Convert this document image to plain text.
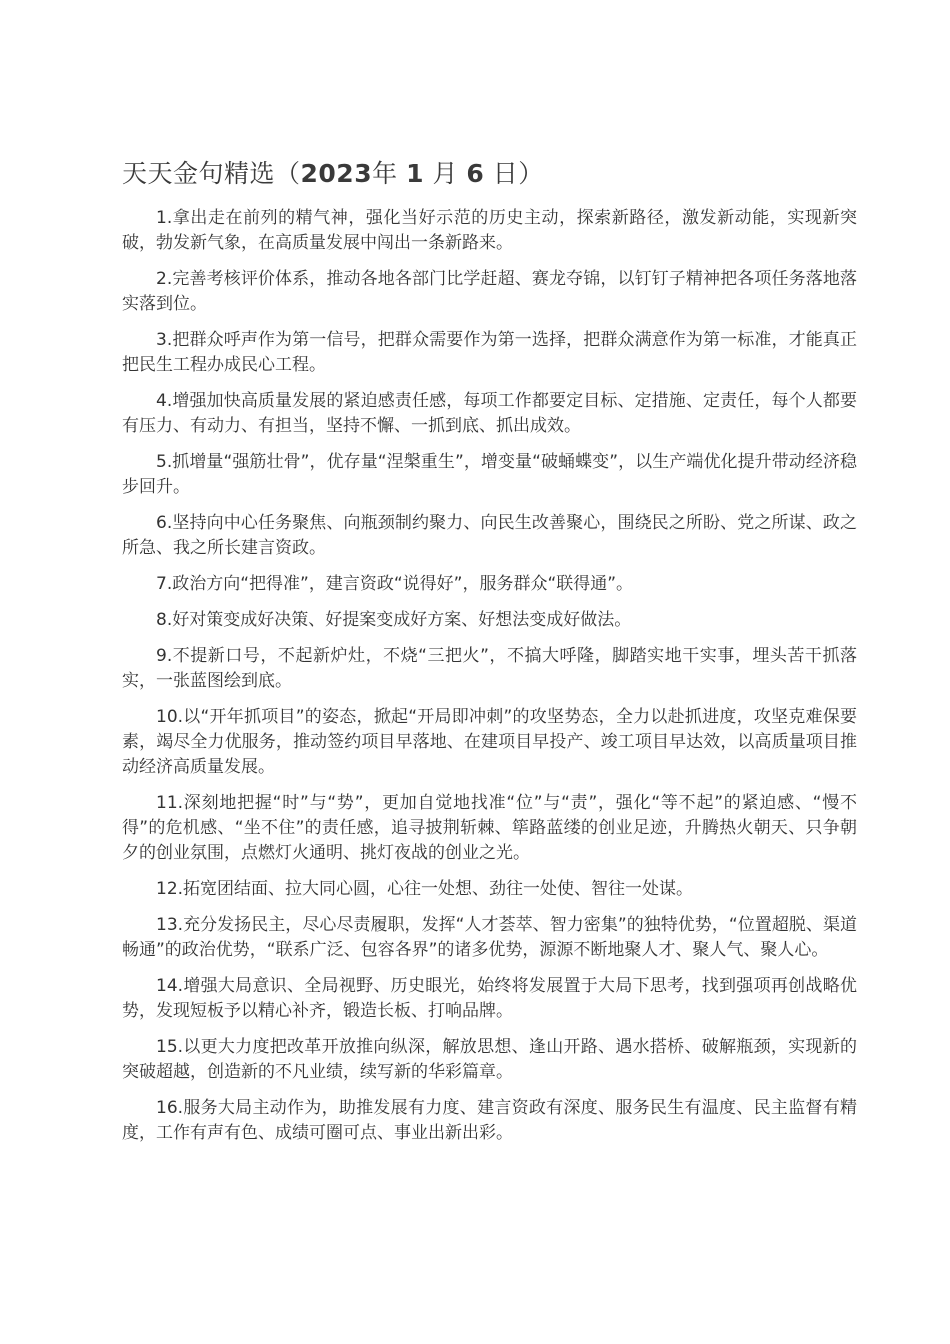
天天金句精选（2023年 1 月 6 日）

1.拿出走在前列的精气神，强化当好示范的历史主动，探索新路径，激发新动能，实现新突破，勃发新气象，在高质量发展中闯出一条新路来。

2.完善考核评价体系，推动各地各部门比学赶超、赛龙夺锦，以钉钉子精神把各项任务落地落实落到位。

3.把群众呼声作为第一信号，把群众需要作为第一选择，把群众满意作为第一标准，才能真正把民生工程办成民心工程。

4.增强加快高质量发展的紧迫感责任感，每项工作都要定目标、定措施、定责任，每个人都要有压力、有动力、有担当，坚持不懈、一抓到底、抓出成效。

5.抓增量“强筋壮骨”，优存量“涅槃重生”，增变量“破蛹蝶变”，以生产端优化提升带动经济稳步回升。

6.坚持向中心任务聚焦、向瓶颈制约聚力、向民生改善聚心，围绕民之所盼、党之所谋、政之所急、我之所长建言资政。

7.政治方向“把得准”，建言资政“说得好”，服务群众“联得通”。

8.好对策变成好决策、好提案变成好方案、好想法变成好做法。

9.不提新口号，不起新炉灶，不烧“三把火”，不搞大呼隆，脚踏实地干实事，埋头苦干抓落实，一张蓝图绘到底。

10.以“开年抓项目”的姿态，掀起“开局即冲刺”的攻坚势态，全力以赴抓进度，攻坚克难保要素，竭尽全力优服务，推动签约项目早落地、在建项目早投产、竣工项目早达效，以高质量项目推动经济高质量发展。

11.深刻地把握“时”与“势”，更加自觉地找准“位”与“责”，强化“等不起”的紧迫感、“慢不得”的危机感、“坐不住”的责任感，追寻披荆斩棘、筚路蓝缕的创业足迹，升腾热火朝天、只争朝夕的创业氛围，点燃灯火通明、挑灯夜战的创业之光。

12.拓宽团结面、拉大同心圆，心往一处想、劲往一处使、智往一处谋。

13.充分发扬民主，尽心尽责履职，发挥“人才荟萃、智力密集”的独特优势，“位置超脱、渠道畅通”的政治优势，“联系广泛、包容各界”的诸多优势，源源不断地聚人才、聚人气、聚人心。

14.增强大局意识、全局视野、历史眼光，始终将发展置于大局下思考，找到强项再创战略优势，发现短板予以精心补齐，锻造长板、打响品牌。

15.以更大力度把改革开放推向纵深，解放思想、逢山开路、遇水搭桥、破解瓶颈，实现新的突破超越，创造新的不凡业绩，续写新的华彩篇章。

16.服务大局主动作为，助推发展有力度、建言资政有深度、服务民生有温度、民主监督有精度，工作有声有色、成绩可圈可点、事业出新出彩。
